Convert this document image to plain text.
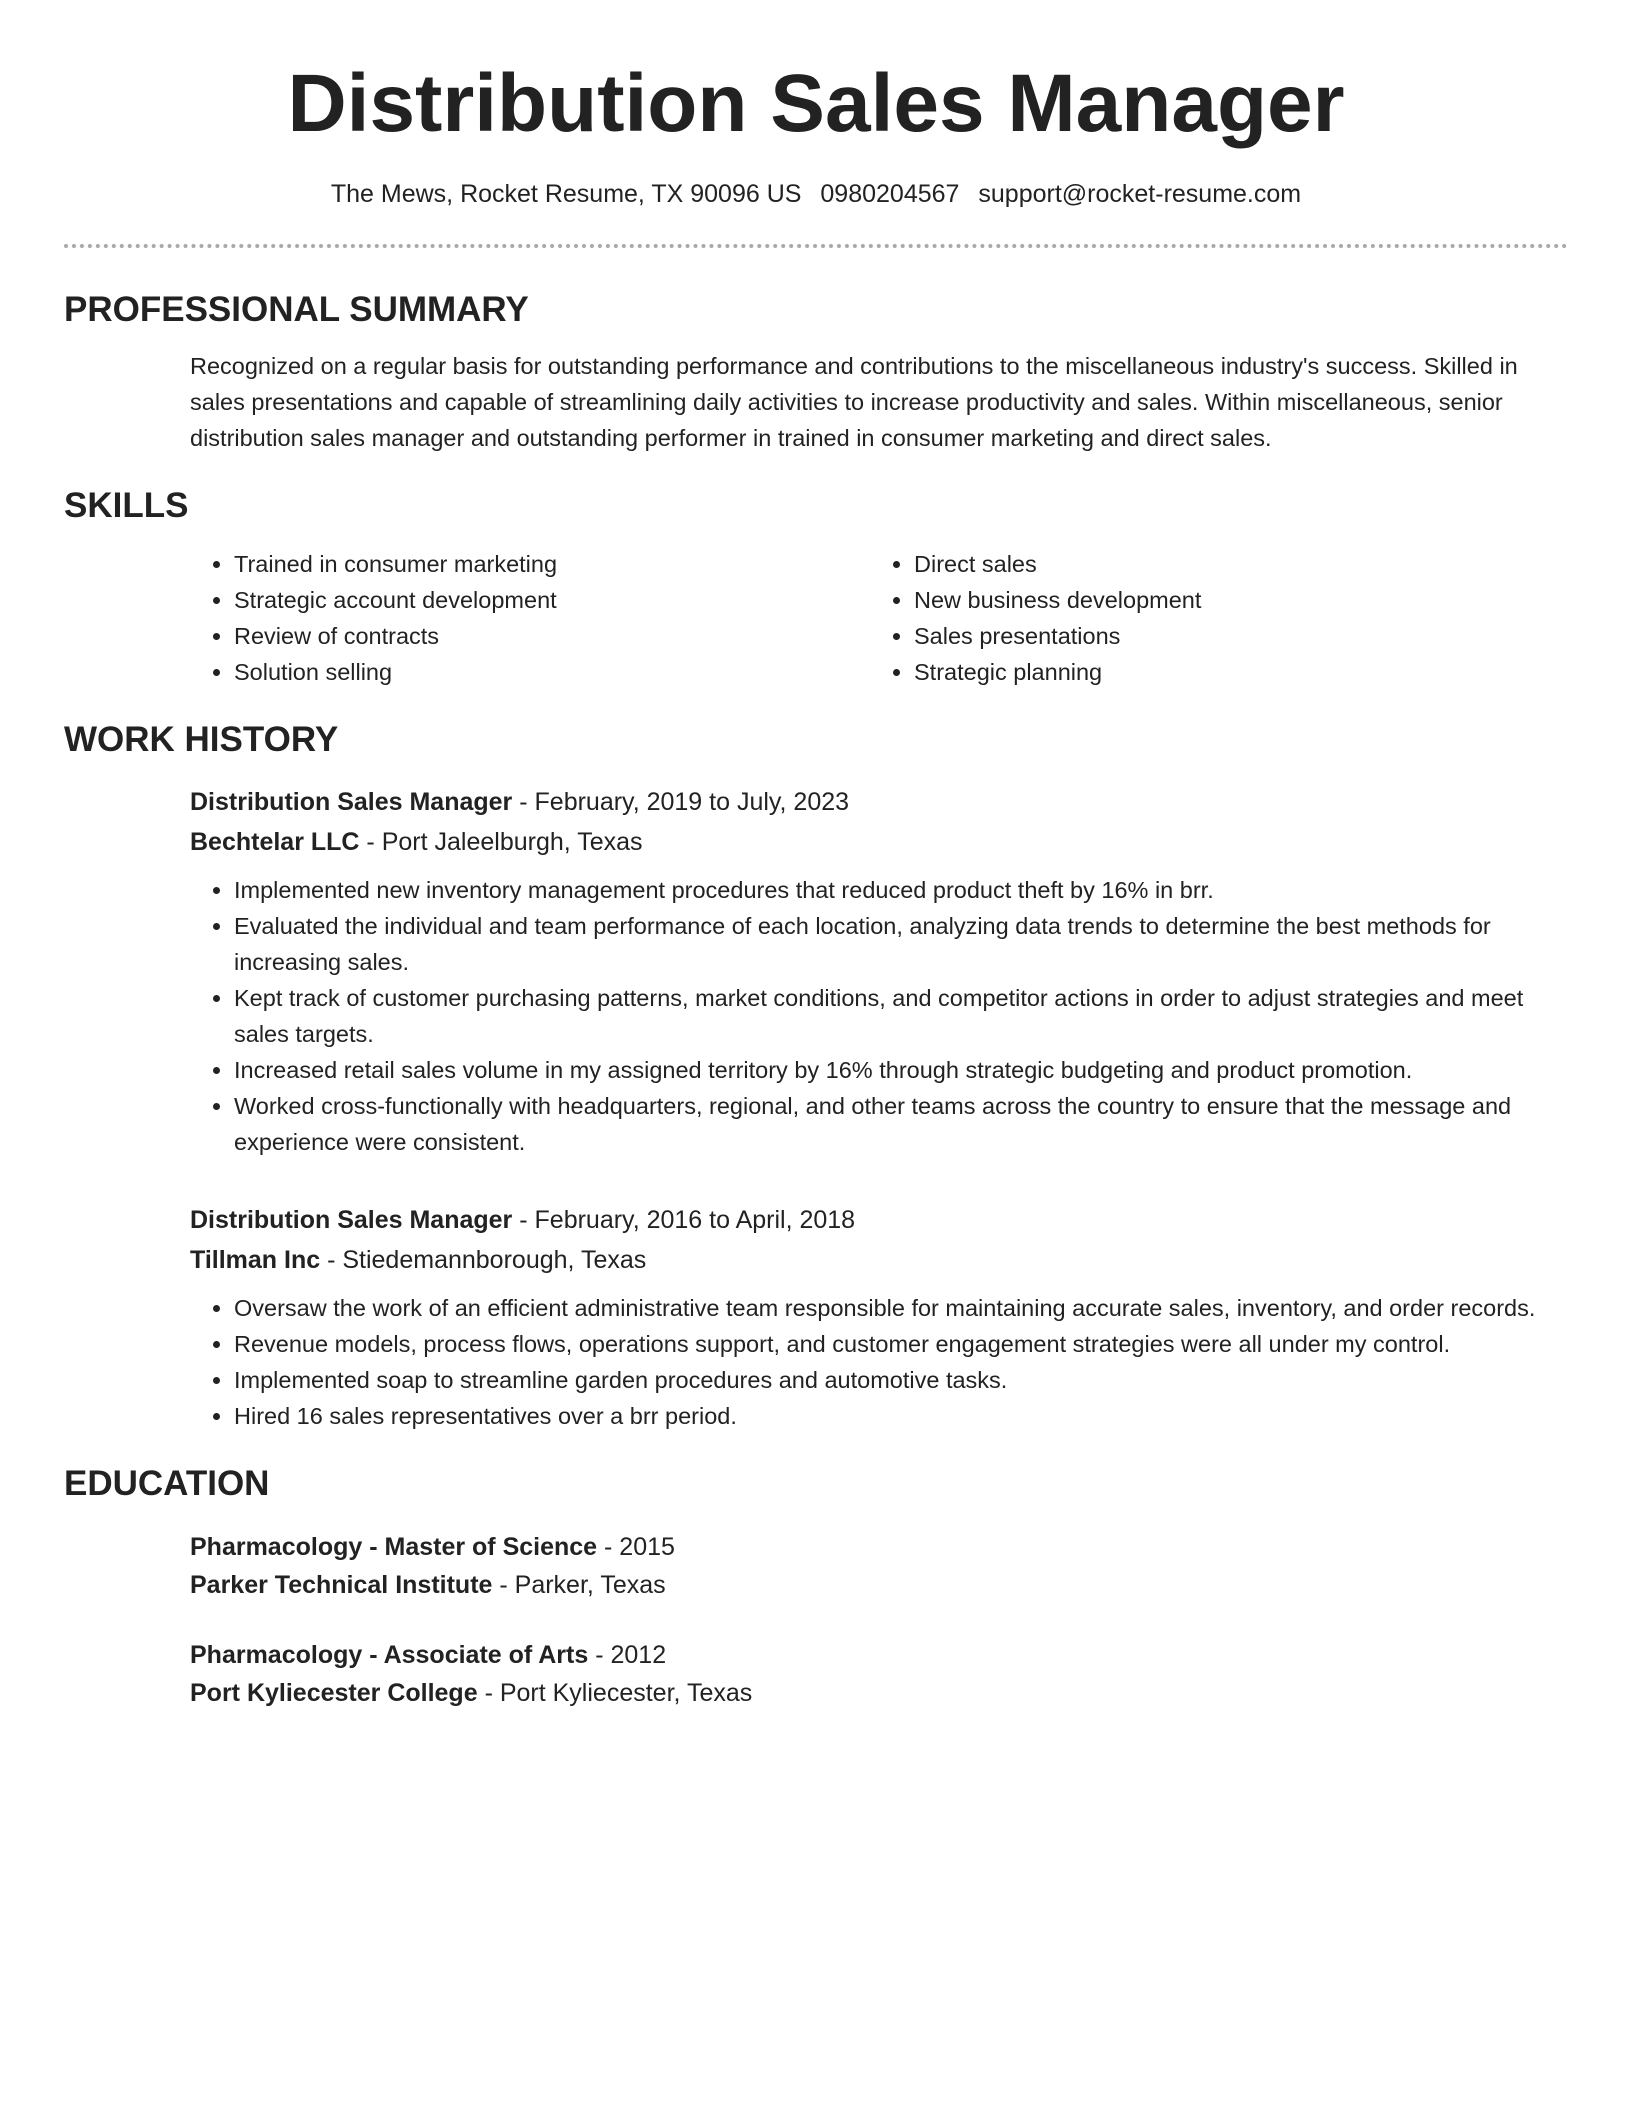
Distribution Sales Manager
The Mews, Rocket Resume, TX 90096 US 0980204567 support@rocket-resume.com
PROFESSIONAL SUMMARY
Recognized on a regular basis for outstanding performance and contributions to the miscellaneous industry's success. Skilled in sales presentations and capable of streamlining daily activities to increase productivity and sales. Within miscellaneous, senior distribution sales manager and outstanding performer in trained in consumer marketing and direct sales.
SKILLS
• Trained in consumer marketing
• Strategic account development
• Review of contracts
• Solution selling
• Direct sales
• New business development
• Sales presentations
• Strategic planning
WORK HISTORY
Distribution Sales Manager - February, 2019 to July, 2023
Bechtelar LLC - Port Jaleelburgh, Texas
• Implemented new inventory management procedures that reduced product theft by 16% in brr.
• Evaluated the individual and team performance of each location, analyzing data trends to determine the best methods for increasing sales.
• Kept track of customer purchasing patterns, market conditions, and competitor actions in order to adjust strategies and meet sales targets.
• Increased retail sales volume in my assigned territory by 16% through strategic budgeting and product promotion.
• Worked cross-functionally with headquarters, regional, and other teams across the country to ensure that the message and experience were consistent.
Distribution Sales Manager - February, 2016 to April, 2018
Tillman Inc - Stiedemannborough, Texas
• Oversaw the work of an efficient administrative team responsible for maintaining accurate sales, inventory, and order records.
• Revenue models, process flows, operations support, and customer engagement strategies were all under my control.
• Implemented soap to streamline garden procedures and automotive tasks.
• Hired 16 sales representatives over a brr period.
EDUCATION
Pharmacology - Master of Science - 2015
Parker Technical Institute - Parker, Texas
Pharmacology - Associate of Arts - 2012
Port Kyliecester College - Port Kyliecester, Texas
